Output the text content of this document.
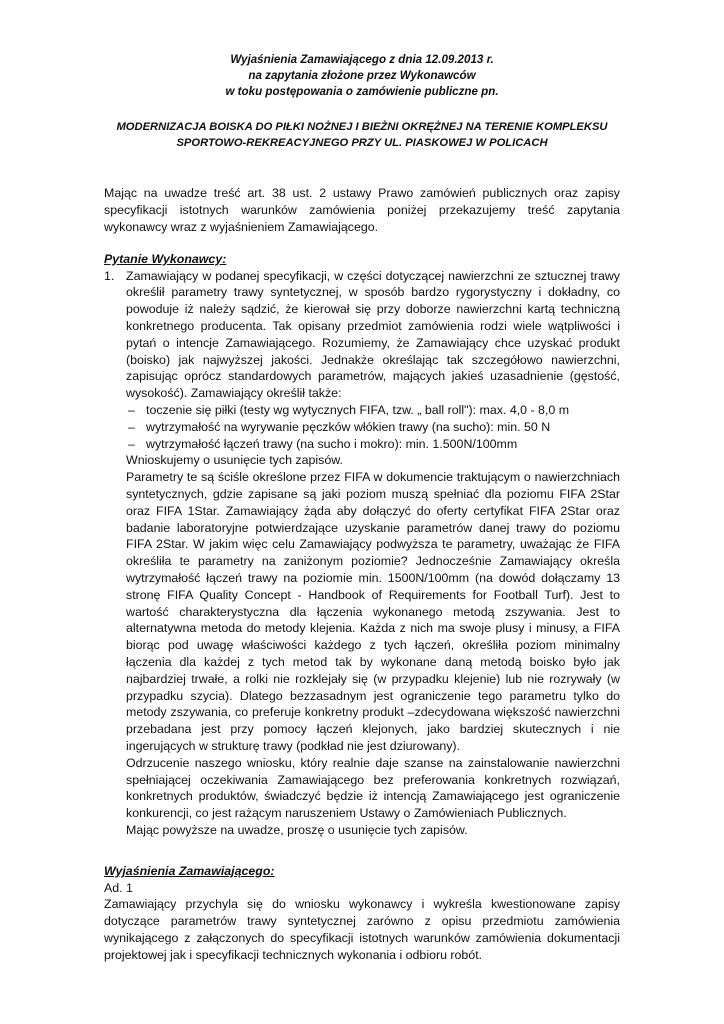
Wyjaśnienia Zamawiającego z dnia 12.09.2013 r.
na zapytania złożone przez Wykonawców
w toku postępowania o zamówienie publiczne pn.
MODERNIZACJA BOISKA DO PIŁKI NOŻNEJ I BIEŻNI OKRĘŻNEJ NA TERENIE KOMPLEKSU SPORTOWO-REKREACYJNEGO PRZY UL. PIASKOWEJ W POLICACH
Mając na uwadze treść art. 38 ust. 2 ustawy Prawo zamówień publicznych oraz zapisy specyfikacji istotnych warunków zamówienia poniżej przekazujemy treść zapytania wykonawcy wraz z wyjaśnieniem Zamawiającego.
Pytanie Wykonawcy:
1. Zamawiający w podanej specyfikacji, w części dotyczącej nawierzchni ze sztucznej trawy określił parametry trawy syntetycznej, w sposób bardzo rygorystyczny i dokładny, co powoduje iż należy sądzić, że kierował się przy doborze nawierzchni kartą techniczną konkretnego producenta. Tak opisany przedmiot zamówienia rodzi wiele wątpliwości i pytań o intencje Zamawiającego. Rozumiemy, że Zamawiający chce uzyskać produkt (boisko) jak najwyższej jakości. Jednakże określając tak szczegółowo nawierzchni, zapisując oprócz standardowych parametrów, mających jakieś uzasadnienie (gęstość, wysokość). Zamawiający określił także:
– toczenie się piłki (testy wg wytycznych FIFA, tzw. „ ball roll"): max. 4,0 - 8,0 m
– wytrzymałość na wyrywanie pęczków włókien trawy (na sucho): min. 50 N
– wytrzymałość łączeń trawy (na sucho i mokro): min. 1.500N/100mm
Wnioskujemy o usunięcie tych zapisów.
Parametry te są ściśle określone przez FIFA w dokumencie traktującym o nawierzchniach syntetycznych, gdzie zapisane są jaki poziom muszą spełniać dla poziomu FIFA 2Star oraz FIFA 1Star. Zamawiający żąda aby dołączyć do oferty certyfikat FIFA 2Star oraz badanie laboratoryjne potwierdzające uzyskanie parametrów danej trawy do poziomu FIFA 2Star. W jakim więc celu Zamawiający podwyższa te parametry, uważając że FIFA określiła te parametry na zaniżonym poziomie? Jednocześnie Zamawiający określa wytrzymałość łączeń trawy na poziomie min. 1500N/100mm (na dowód dołączamy 13 stronę FIFA Quality Concept - Handbook of Requirements for Football Turf). Jest to wartość charakterystyczna dla łączenia wykonanego metodą zszywania. Jest to alternatywna metoda do metody klejenia. Każda z nich ma swoje plusy i minusy, a FIFA biorąc pod uwagę właściwości każdego z tych łączeń, określiła poziom minimalny łączenia dla każdej z tych metod tak by wykonane daną metodą boisko było jak najbardziej trwałe, a rolki nie rozklejały się (w przypadku klejenie) lub nie rozrywały (w przypadku szycia). Dlatego bezzasadnym jest ograniczenie tego parametru tylko do metody zszywania, co preferuje konkretny produkt –zdecydowana większość nawierzchni przebadana jest przy pomocy łączeń klejonych, jako bardziej skutecznych i nie ingerujących w strukturę trawy (podkład nie jest dziurowany).
Odrzucenie naszego wniosku, który realnie daje szanse na zainstalowanie nawierzchni spełniającej oczekiwania Zamawiającego bez preferowania konkretnych rozwiązań, konkretnych produktów, świadczyć będzie iż intencją Zamawiającego jest ograniczenie konkurencji, co jest rażącym naruszeniem Ustawy o Zamówieniach Publicznych.
Mając powyższe na uwadze, proszę o usunięcie tych zapisów.
Wyjaśnienia Zamawiającego:
Ad. 1
Zamawiający przychyla się do wniosku wykonawcy i wykreśla kwestionowane zapisy dotyczące parametrów trawy syntetycznej zarówno z opisu przedmiotu zamówienia wynikającego z załączonych do specyfikacji istotnych warunków zamówienia dokumentacji projektowej jak i specyfikacji technicznych wykonania i odbioru robót.
